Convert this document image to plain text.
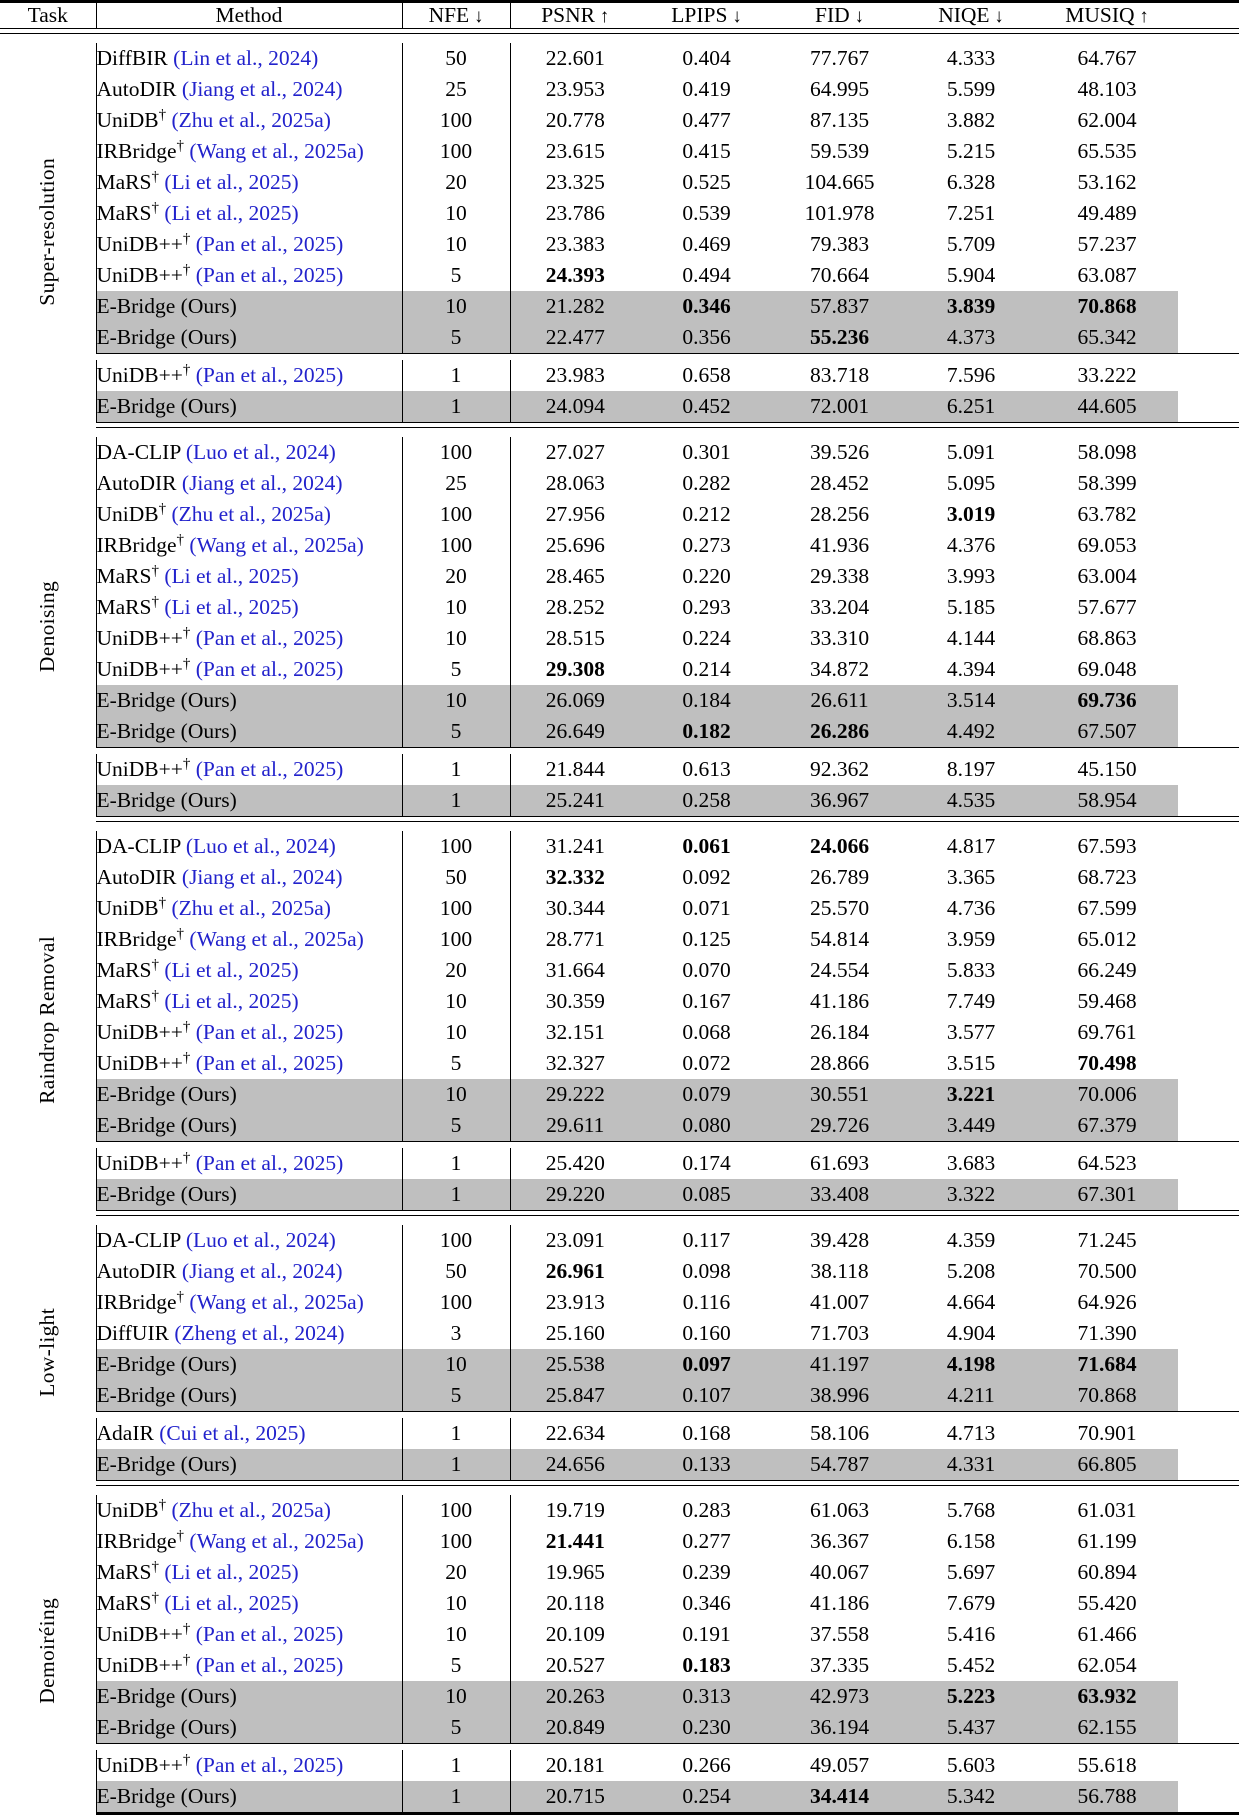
Task	Method	NFE ↓	PSNR ↑	LPIPS ↓	FID ↓	NIQE ↓	MUSIQ ↑	

Super-resolution	DiffBIR (Lin et al., 2024)	50	22.601	0.404	77.767	4.333	64.767	
	AutoDIR (Jiang et al., 2024)	25	23.953	0.419	64.995	5.599	48.103	
	UniDB† (Zhu et al., 2025a)	100	20.778	0.477	87.135	3.882	62.004	
	IRBridge† (Wang et al., 2025a)	100	23.615	0.415	59.539	5.215	65.535	
	MaRS† (Li et al., 2025)	20	23.325	0.525	104.665	6.328	53.162	
	MaRS† (Li et al., 2025)	10	23.786	0.539	101.978	7.251	49.489	
	UniDB++† (Pan et al., 2025)	10	23.383	0.469	79.383	5.709	57.237	
	UniDB++† (Pan et al., 2025)	5	24.393	0.494	70.664	5.904	63.087	
	E-Bridge (Ours)	10	21.282	0.346	57.837	3.839	70.868	
	E-Bridge (Ours)	5	22.477	0.356	55.236	4.373	65.342	

	UniDB++† (Pan et al., 2025)	1	23.983	0.658	83.718	7.596	33.222	
	E-Bridge (Ours)	1	24.094	0.452	72.001	6.251	44.605	

Denoising	DA-CLIP (Luo et al., 2024)	100	27.027	0.301	39.526	5.091	58.098	
	AutoDIR (Jiang et al., 2024)	25	28.063	0.282	28.452	5.095	58.399	
	UniDB† (Zhu et al., 2025a)	100	27.956	0.212	28.256	3.019	63.782	
	IRBridge† (Wang et al., 2025a)	100	25.696	0.273	41.936	4.376	69.053	
	MaRS† (Li et al., 2025)	20	28.465	0.220	29.338	3.993	63.004	
	MaRS† (Li et al., 2025)	10	28.252	0.293	33.204	5.185	57.677	
	UniDB++† (Pan et al., 2025)	10	28.515	0.224	33.310	4.144	68.863	
	UniDB++† (Pan et al., 2025)	5	29.308	0.214	34.872	4.394	69.048	
	E-Bridge (Ours)	10	26.069	0.184	26.611	3.514	69.736	
	E-Bridge (Ours)	5	26.649	0.182	26.286	4.492	67.507	

	UniDB++† (Pan et al., 2025)	1	21.844	0.613	92.362	8.197	45.150	
	E-Bridge (Ours)	1	25.241	0.258	36.967	4.535	58.954	

Raindrop Removal	DA-CLIP (Luo et al., 2024)	100	31.241	0.061	24.066	4.817	67.593	
	AutoDIR (Jiang et al., 2024)	50	32.332	0.092	26.789	3.365	68.723	
	UniDB† (Zhu et al., 2025a)	100	30.344	0.071	25.570	4.736	67.599	
	IRBridge† (Wang et al., 2025a)	100	28.771	0.125	54.814	3.959	65.012	
	MaRS† (Li et al., 2025)	20	31.664	0.070	24.554	5.833	66.249	
	MaRS† (Li et al., 2025)	10	30.359	0.167	41.186	7.749	59.468	
	UniDB++† (Pan et al., 2025)	10	32.151	0.068	26.184	3.577	69.761	
	UniDB++† (Pan et al., 2025)	5	32.327	0.072	28.866	3.515	70.498	
	E-Bridge (Ours)	10	29.222	0.079	30.551	3.221	70.006	
	E-Bridge (Ours)	5	29.611	0.080	29.726	3.449	67.379	

	UniDB++† (Pan et al., 2025)	1	25.420	0.174	61.693	3.683	64.523	
	E-Bridge (Ours)	1	29.220	0.085	33.408	3.322	67.301	

Low-light	DA-CLIP (Luo et al., 2024)	100	23.091	0.117	39.428	4.359	71.245	
	AutoDIR (Jiang et al., 2024)	50	26.961	0.098	38.118	5.208	70.500	
	IRBridge† (Wang et al., 2025a)	100	23.913	0.116	41.007	4.664	64.926	
	DiffUIR (Zheng et al., 2024)	3	25.160	0.160	71.703	4.904	71.390	
	E-Bridge (Ours)	10	25.538	0.097	41.197	4.198	71.684	
	E-Bridge (Ours)	5	25.847	0.107	38.996	4.211	70.868	

	AdaIR (Cui et al., 2025)	1	22.634	0.168	58.106	4.713	70.901	
	E-Bridge (Ours)	1	24.656	0.133	54.787	4.331	66.805	

Demoiréing	UniDB† (Zhu et al., 2025a)	100	19.719	0.283	61.063	5.768	61.031	
	IRBridge† (Wang et al., 2025a)	100	21.441	0.277	36.367	6.158	61.199	
	MaRS† (Li et al., 2025)	20	19.965	0.239	40.067	5.697	60.894	
	MaRS† (Li et al., 2025)	10	20.118	0.346	41.186	7.679	55.420	
	UniDB++† (Pan et al., 2025)	10	20.109	0.191	37.558	5.416	61.466	
	UniDB++† (Pan et al., 2025)	5	20.527	0.183	37.335	5.452	62.054	
	E-Bridge (Ours)	10	20.263	0.313	42.973	5.223	63.932	
	E-Bridge (Ours)	5	20.849	0.230	36.194	5.437	62.155	

	UniDB++† (Pan et al., 2025)	1	20.181	0.266	49.057	5.603	55.618	
	E-Bridge (Ours)	1	20.715	0.254	34.414	5.342	56.788	
